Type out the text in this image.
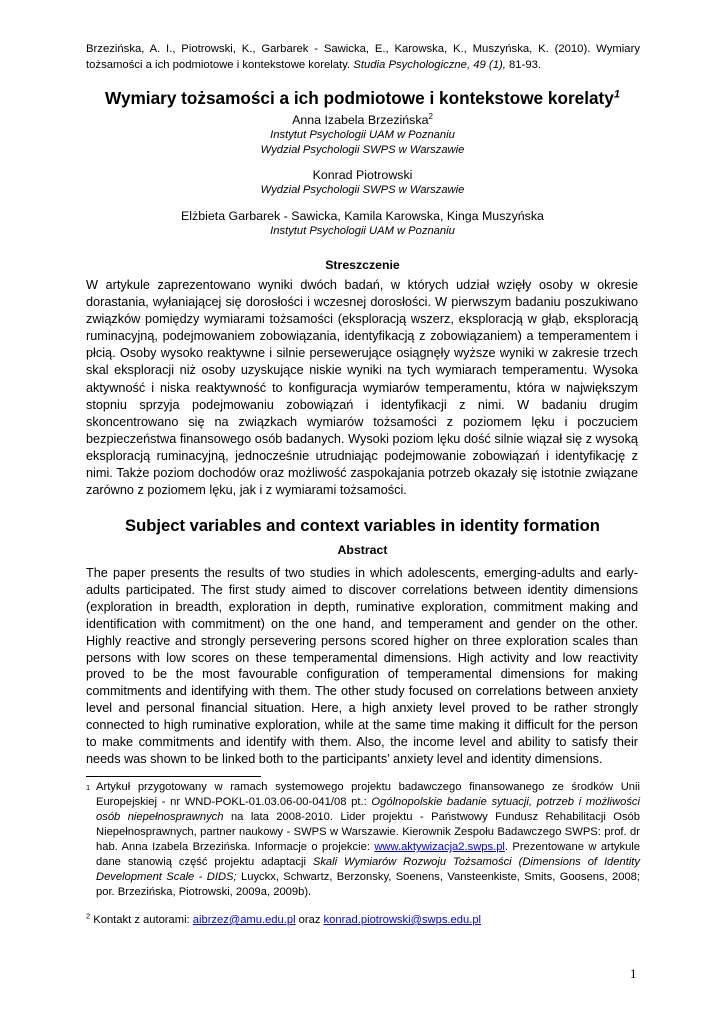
Brzezińska, A. I., Piotrowski, K., Garbarek - Sawicka, E., Karowska, K., Muszyńska, K. (2010). Wymiary tożsamości a ich podmiotowe i kontekstowe korelaty. Studia Psychologiczne, 49 (1), 81-93.
Wymiary tożsamości a ich podmiotowe i kontekstowe korelaty$^1$
Anna Izabela Brzezińska$^2$
Instytut Psychologii UAM w Poznaniu
Wydział Psychologii SWPS w Warszawie
Konrad Piotrowski
Wydział Psychologii SWPS w Warszawie
Elżbieta Garbarek - Sawicka, Kamila Karowska, Kinga Muszyńska
Instytut Psychologii UAM w Poznaniu
Streszczenie
W artykule zaprezentowano wyniki dwóch badań, w których udział wzięły osoby w okresie dorastania, wyłaniającej się dorosłości i wczesnej dorosłości. W pierwszym badaniu poszukiwano związków pomiędzy wymiarami tożsamości (eksploracją wszerz, eksploracją w głąb, eksploracją ruminacyjną, podejmowaniem zobowiązania, identyfikacją z zobowiązaniem) a temperamentem i płcią. Osoby wysoko reaktywne i silnie perseweruјące osiągnęły wyższe wyniki w zakresie trzech skal eksploracji niż osoby uzyskujące niskie wyniki na tych wymiarach temperamentu. Wysoka aktywność i niska reaktywność to konfiguracja wymiarów temperamentu, która w największym stopniu sprzyja podejmowaniu zobowiązań i identyfikacji z nimi. W badaniu drugim skoncentrowano się na związkach wymiarów tożsamości z poziomem lęku i poczuciem bezpieczeństwa finansowego osób badanych. Wysoki poziom lęku dość silnie wiązał się z wysoką eksploracją ruminacyjną, jednocześnie utrudniając podejmowanie zobowiązań i identyfikację z nimi. Także poziom dochodów oraz możliwość zaspokajania potrzeb okazały się istotnie związane zarówno z poziomem lęku, jak i z wymiarami tożsamości.
Subject variables and context variables in identity formation
Abstract
The paper presents the results of two studies in which adolescents, emerging-adults and early-adults participated. The first study aimed to discover correlations between identity dimensions (exploration in breadth, exploration in depth, ruminative exploration, commitment making and identification with commitment) on the one hand, and temperament and gender on the other. Highly reactive and strongly persevering persons scored higher on three exploration scales than persons with low scores on these temperamental dimensions. High activity and low reactivity proved to be the most favourable configuration of temperamental dimensions for making commitments and identifying with them. The other study focused on correlations between anxiety level and personal financial situation. Here, a high anxiety level proved to be rather strongly connected to high ruminative exploration, while at the same time making it difficult for the person to make commitments and identify with them. Also, the income level and ability to satisfy their needs was shown to be linked both to the participants’ anxiety level and identity dimensions.
1 Artykuł przygotowany w ramach systemowego projektu badawczego finansowanego ze środków Unii Europejskiej - nr WND-POKL-01.03.06-00-041/08 pt.: Ogólnopolskie badanie sytuacji, potrzeb i możliwości osób niepełnosprawnych na lata 2008-2010. Lider projektu - Państwowy Fundusz Rehabilitacji Osób Niepełnosprawnych, partner naukowy - SWPS w Warszawie. Kierownik Zespołu Badawczego SWPS: prof. dr hab. Anna Izabela Brzezińska. Informacje o projekcie: www.aktywizacja2.swps.pl. Prezentowane w artykule dane stanowią część projektu adaptacji Skali Wymiarów Rozwoju Tożsamości (Dimensions of Identity Development Scale - DIDS; Luyckx, Schwartz, Berzonsky, Soenens, Vansteenkiste, Smits, Goosens, 2008; por. Brzezińska, Piotrowski, 2009a, 2009b).
$^2$ Kontakt z autorami: aibrzez@amu.edu.pl oraz konrad.piotrowski@swps.edu.pl
1
